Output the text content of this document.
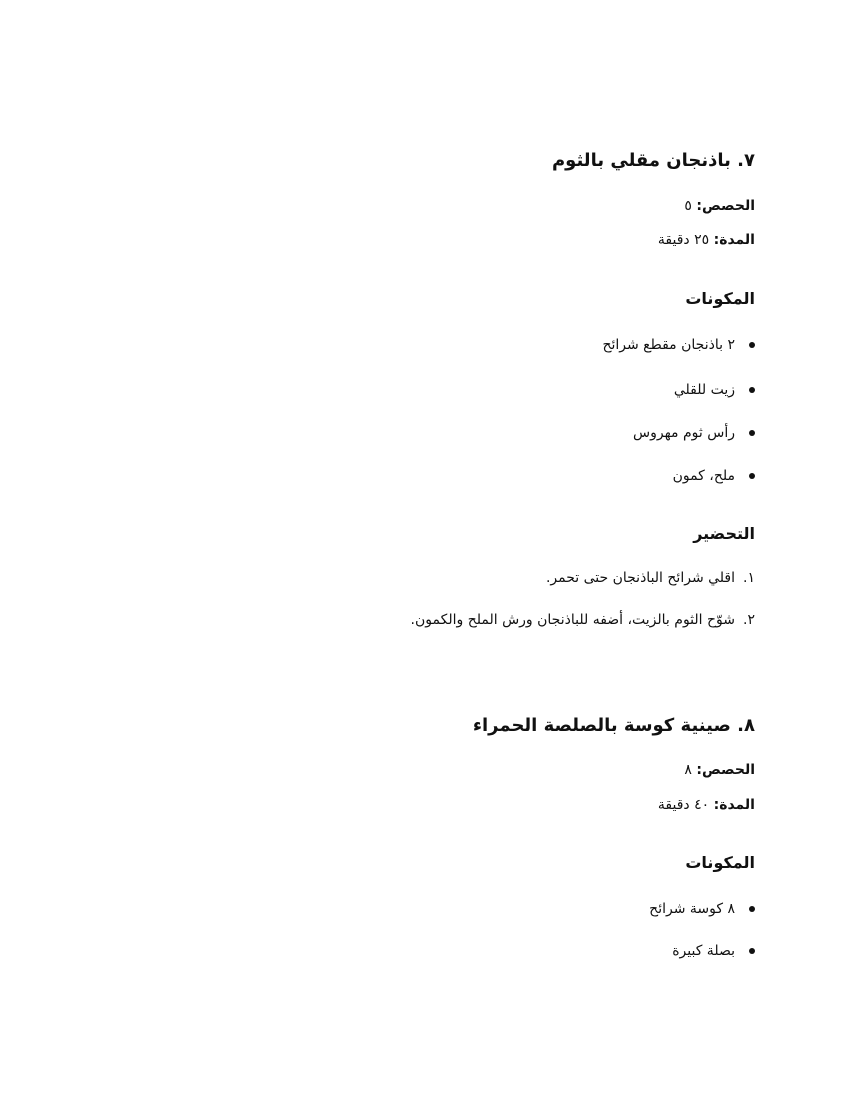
٧. باذنجان مقلي بالثوم
الحصص: ٥
المدة: ٢٥ دقيقة
المكونات
٢ باذنجان مقطع شرائح
زيت للقلي
رأس ثوم مهروس
ملح، كمون
التحضير
١.اقلي شرائح الباذنجان حتى تحمر.
٢.شوّح الثوم بالزيت، أضفه للباذنجان ورش الملح والكمون.
٨. صينية كوسة بالصلصة الحمراء
الحصص: ٨
المدة: ٤٠ دقيقة
المكونات
٨ كوسة شرائح
بصلة كبيرة
